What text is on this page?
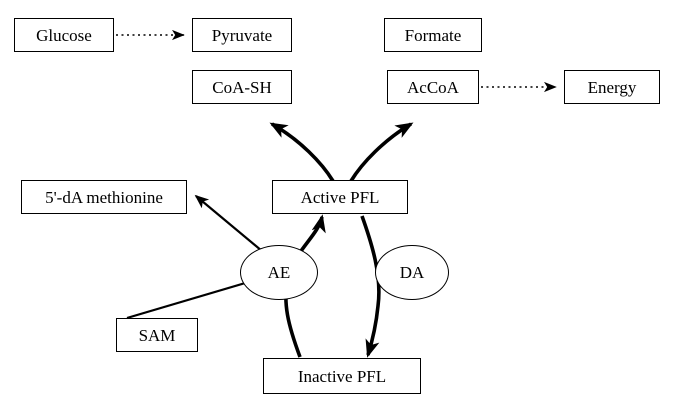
Glucose	Pyruvate	Formate
CoA-SH	AcCoA	Energy
5'-dA methionine	Active PFL
AE	DA
SAM
Inactive PFL
